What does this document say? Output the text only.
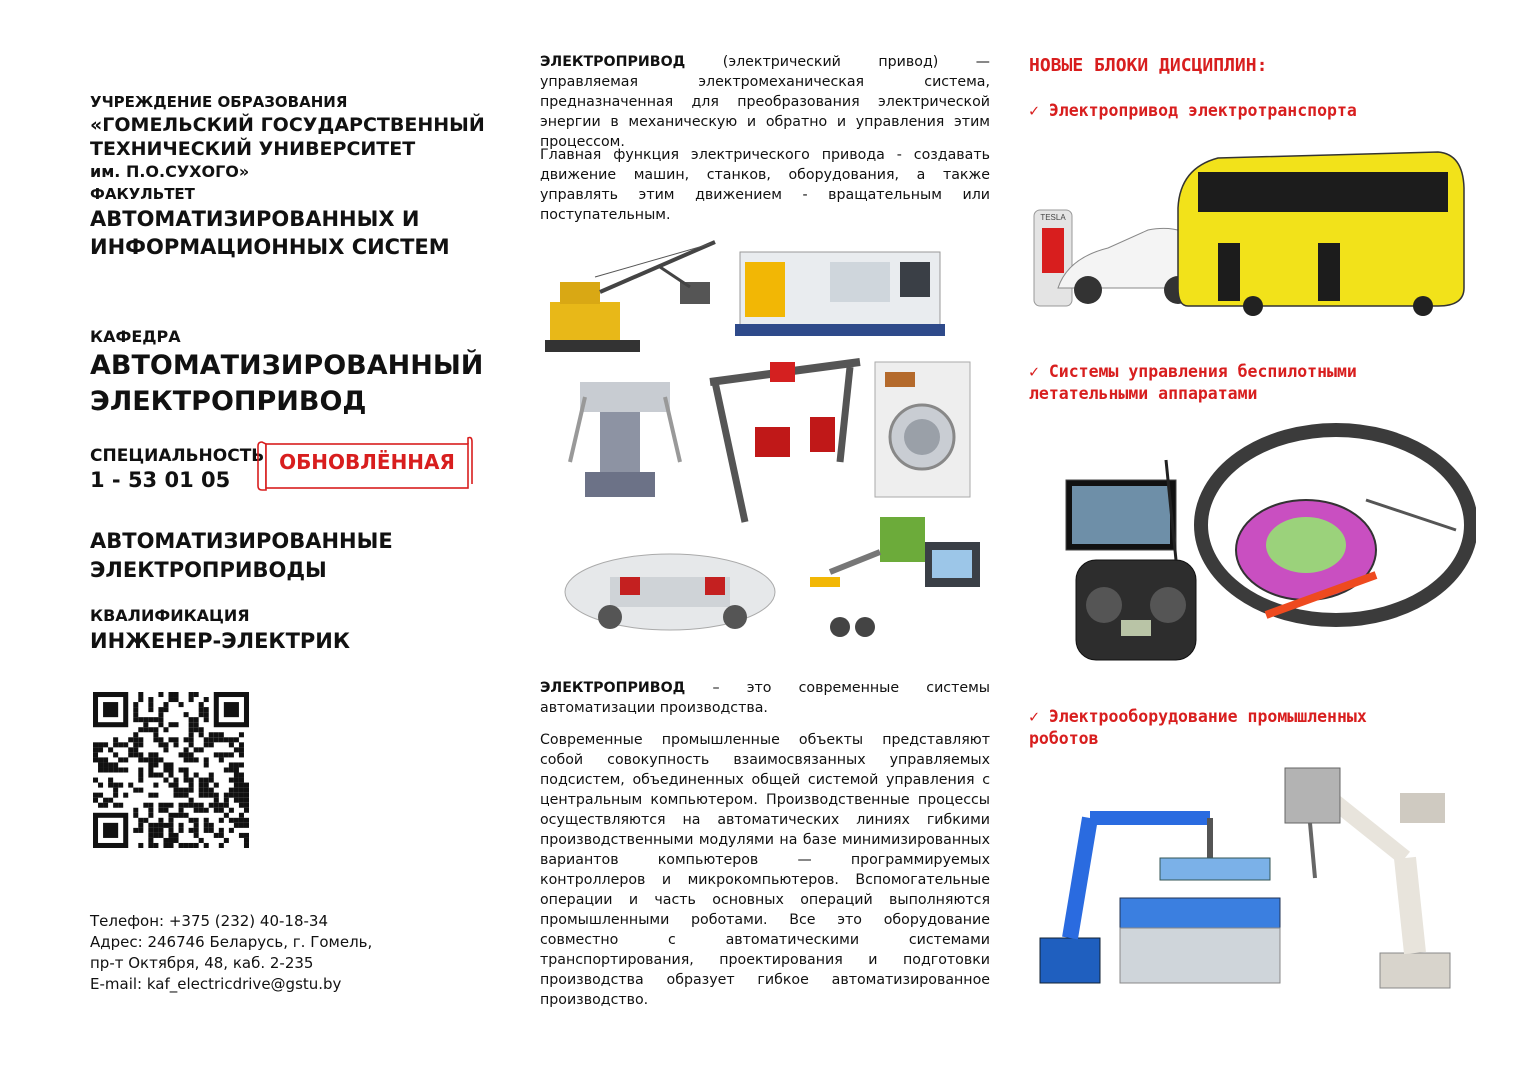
УЧРЕЖДЕНИЕ ОБРАЗОВАНИЯ
«ГОМЕЛЬСКИЙ ГОСУДАРСТВЕННЫЙ
ТЕХНИЧЕСКИЙ УНИВЕРСИТЕТ
им. П.О.СУХОГО»
ФАКУЛЬТЕТ
АВТОМАТИЗИРОВАННЫХ И
ИНФОРМАЦИОННЫХ СИСТЕМ
КАФЕДРА
АВТОМАТИЗИРОВАННЫЙ
ЭЛЕКТРОПРИВОД
СПЕЦИАЛЬНОСТЬ
1 - 53 01 05
ОБНОВЛЁННАЯ
АВТОМАТИЗИРОВАННЫЕ
ЭЛЕКТРОПРИВОДЫ
КВАЛИФИКАЦИЯ
ИНЖЕНЕР-ЭЛЕКТРИК
Телефон: +375 (232) 40-18-34
Адрес: 246746 Беларусь, г. Гомель,
пр-т Октября, 48, каб. 2-235
E-mail: kaf_electricdrive@gstu.by
ЭЛЕКТРОПРИВОД (электрический привод) — управляемая электромеханическая система, предназначенная для преобразования электрической энергии в механическую и обратно и управления этим процессом.
Главная функция электрического привода - создавать движение машин, станков, оборудования, а также управлять этим движением - вращательным или поступательным.
ЭЛЕКТРОПРИВОД – это современные системы автоматизации производства.
Современные промышленные объекты представляют собой совокупность взаимосвязанных управляемых подсистем, объединенных общей системой управления с центральным компьютером. Производственные процессы осуществляются на автоматических линиях гибкими производственными модулями на базе минимизированных вариантов компьютеров — программируемых контроллеров и микрокомпьютеров. Вспомогательные операции и часть основных операций выполняются промышленными роботами. Все это оборудование совместно с автоматическими системами транспортирования, проектирования и подготовки производства образует гибкое автоматизированное производство.
НОВЫЕ БЛОКИ ДИСЦИПЛИН:
✓ Электропривод электротранспорта
TESLA
✓ Системы управления беспилотными
летательными аппаратами
✓ Электрооборудование промышленных
роботов
